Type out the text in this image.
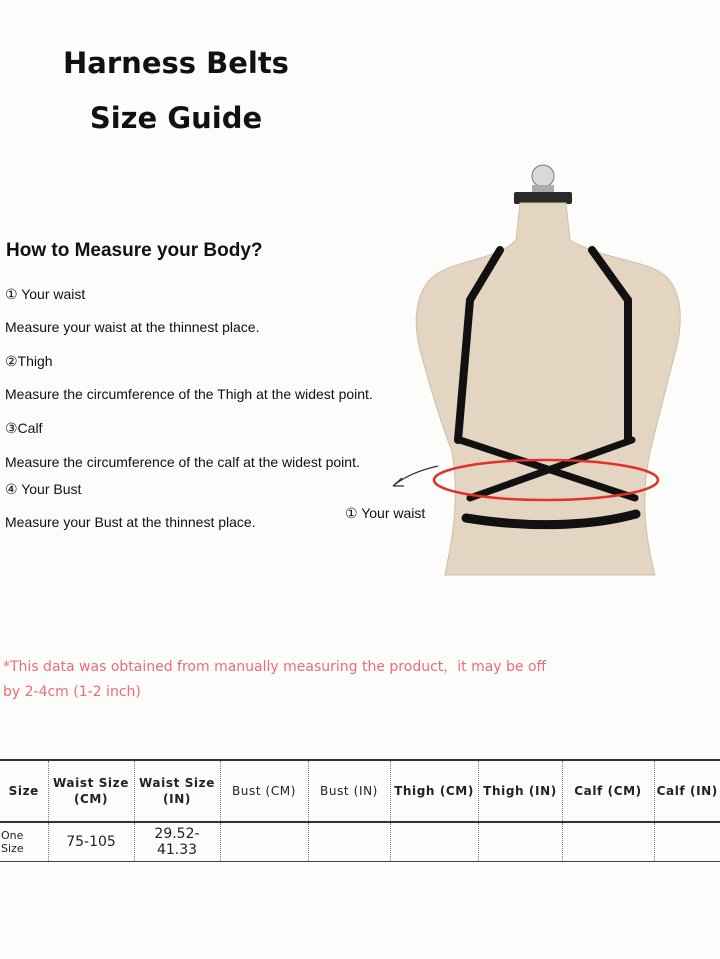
Harness Belts
Size Guide
How to Measure your Body?
① Your waist
Measure your waist at the thinnest place.
②Thigh
Measure the circumference of the Thigh at the widest point.
③Calf
Measure the circumference of the calf at the widest point.
④ Your Bust
Measure your Bust at the thinnest place.
① Your waist
*This data was obtained from manually measuring the product，it may be off by 2-4cm (1-2 inch)
Size	Waist Size (CM)	Waist Size (IN)	Bust (CM)	Bust (IN)	Thigh (CM)	Thigh (IN)	Calf (CM)	Calf (IN)
One Size	75-105	29.52-41.33						
